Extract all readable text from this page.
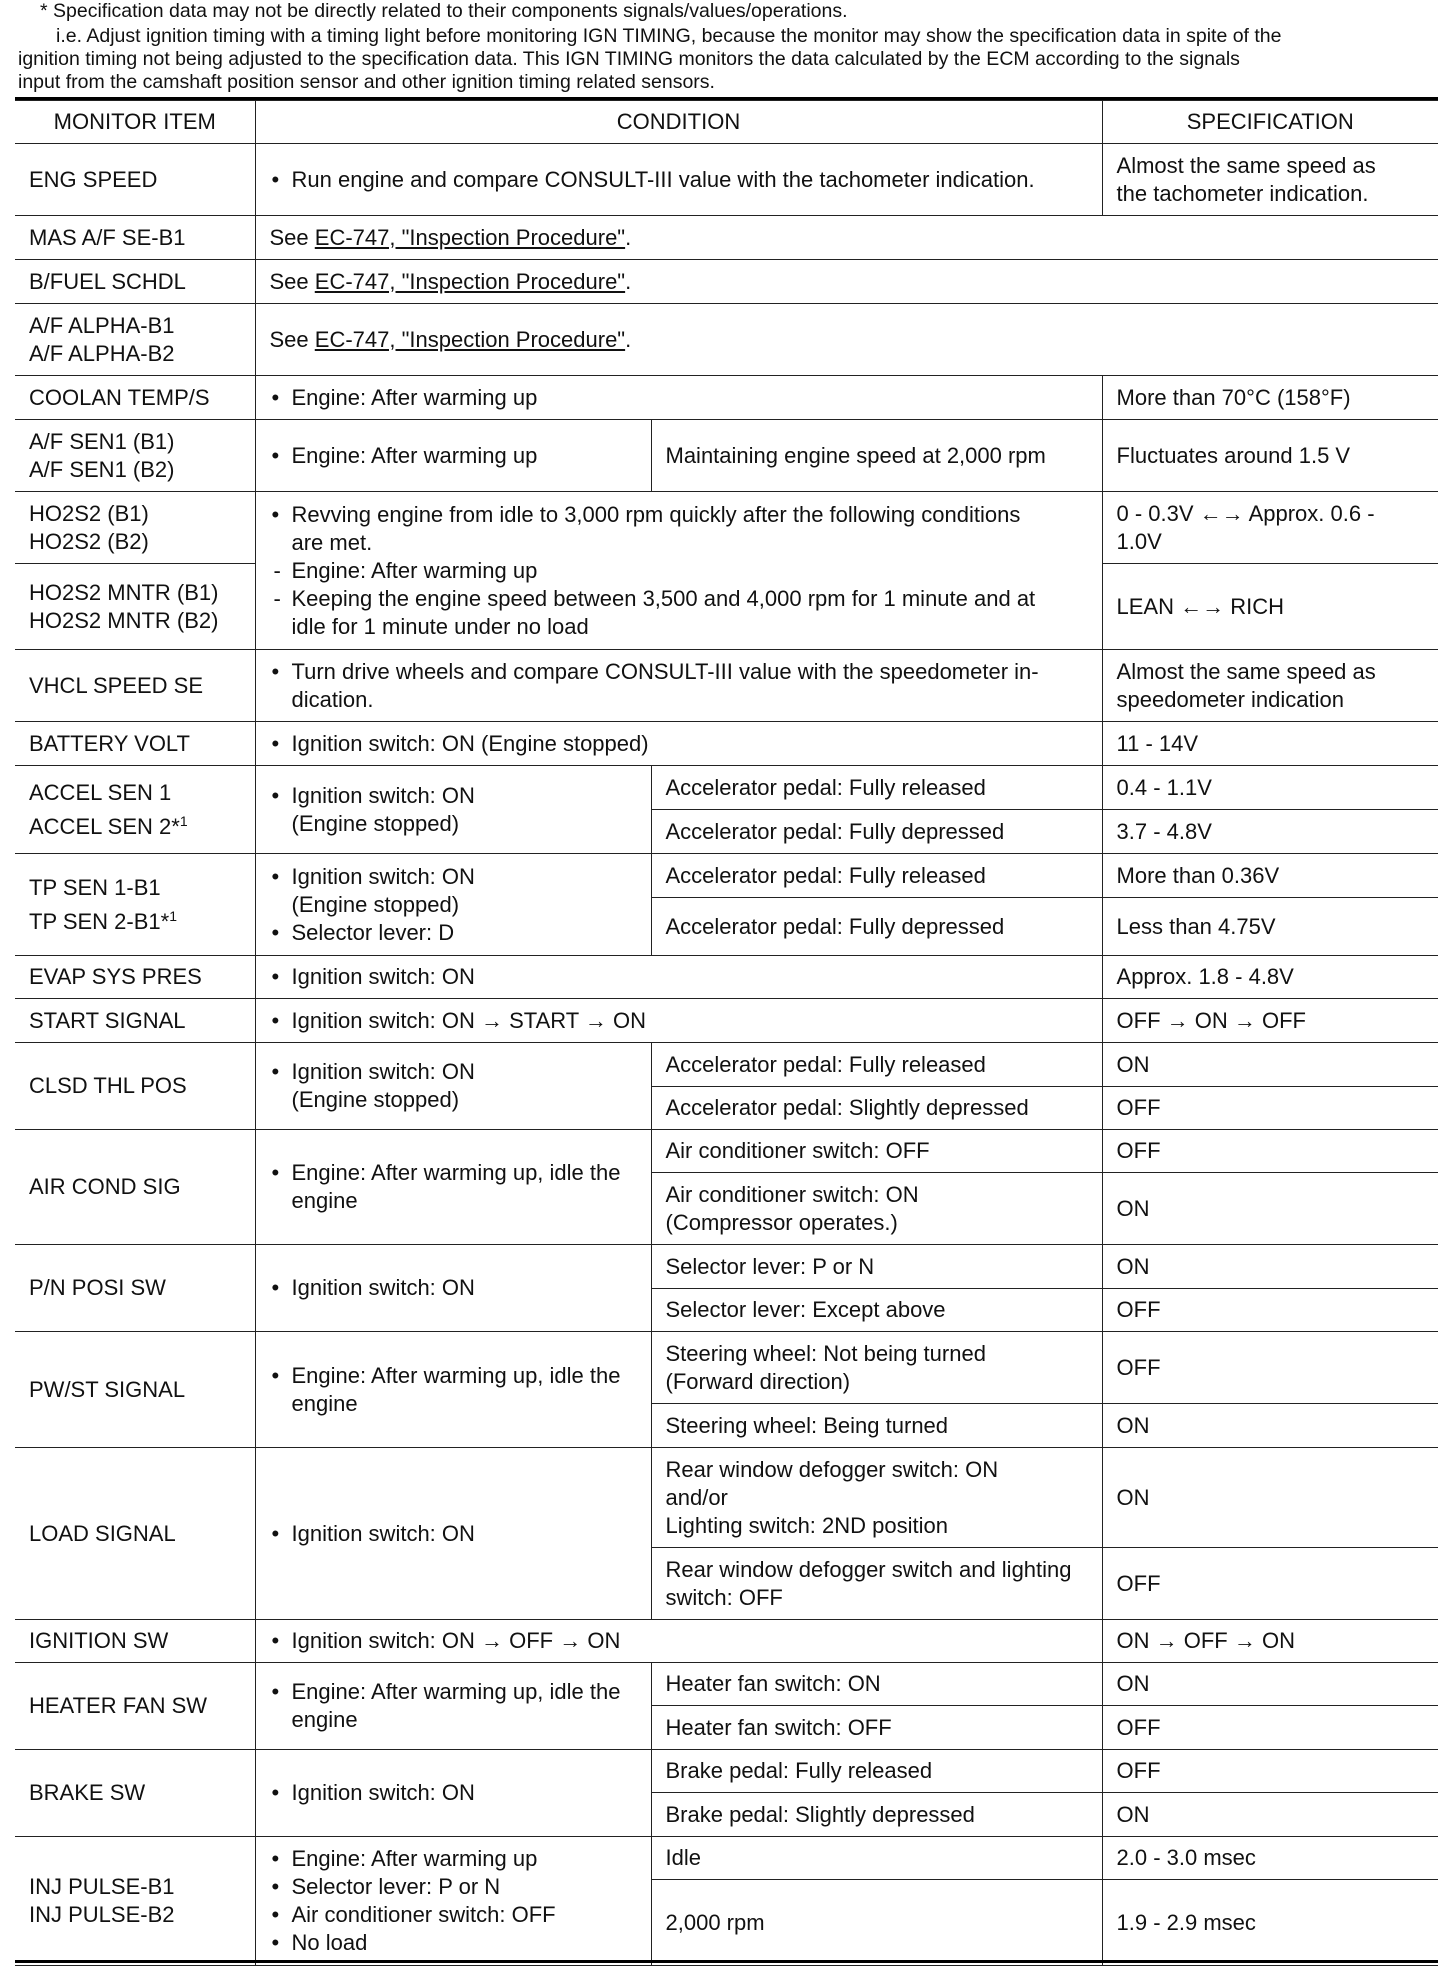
* Specification data may not be directly related to their components signals/values/operations.

i.e. Adjust ignition timing with a timing light before monitoring IGN TIMING, because the monitor may show the specification data in spite of the
ignition timing not being adjusted to the specification data. This IGN TIMING monitors the data calculated by the ECM according to the signals
input from the camshaft position sensor and other ignition timing related sensors.

MONITOR ITEM	CONDITION		SPECIFICATION
ENG SPEED	• Run engine and compare CONSULT-III value with the tachometer indication.		Almost the same speed as
the tachometer indication.

MAS A/F SE-B1	See EC-747, "Inspection Procedure".		
B/FUEL SCHDL	See EC-747, "Inspection Procedure".		

A/F ALPHA-B1
A/F ALPHA-B2	See EC-747, "Inspection Procedure".		
COOLAN TEMP/S	• Engine: After warming up		More than 70°C (158°F)

A/F SEN1 (B1)
A/F SEN1 (B2)	• Engine: After warming up	Maintaining engine speed at 2,000 rpm	Fluctuates around 1.5 V

HO2S2 (B1)
HO2S2 (B2)	• Revving engine from idle to 3,000 rpm quickly after the following conditions
are met.
- Engine: After warming up
- Keeping the engine speed between 3,500 and 4,000 rpm for 1 minute and at
idle for 1 minute under no load		0 - 0.3V ←→ Approx. 0.6 -
1.0V

HO2S2 MNTR (B1)
HO2S2 MNTR (B2)			LEAN ←→ RICH
VHCL SPEED SE	• Turn drive wheels and compare CONSULT-III value with the speedometer in-
dication.		Almost the same speed as
speedometer indication

BATTERY VOLT	• Ignition switch: ON (Engine stopped)		11 - 14V

ACCEL SEN 1
ACCEL SEN 2*$^1$	• Ignition switch: ON
(Engine stopped)	Accelerator pedal: Fully released	0.4 - 1.1V
		Accelerator pedal: Fully depressed	3.7 - 4.8V

TP SEN 1-B1
TP SEN 2-B1*$^1$	• Ignition switch: ON
(Engine stopped)
• Selector lever: D	Accelerator pedal: Fully released	More than 0.36V
		Accelerator pedal: Fully depressed	Less than 4.75V
EVAP SYS PRES	• Ignition switch: ON		Approx. 1.8 - 4.8V
START SIGNAL	• Ignition switch: ON → START → ON		OFF → ON → OFF
CLSD THL POS	• Ignition switch: ON
(Engine stopped)	Accelerator pedal: Fully released	ON
		Accelerator pedal: Slightly depressed	OFF
AIR COND SIG	• Engine: After warming up, idle the
engine	Air conditioner switch: OFF	OFF

		Air conditioner switch: ON
(Compressor operates.)	ON
P/N POSI SW	• Ignition switch: ON	Selector lever: P or N	ON
		Selector lever: Except above	OFF
PW/ST SIGNAL	• Engine: After warming up, idle the
engine	Steering wheel: Not being turned
(Forward direction)	OFF
		Steering wheel: Being turned	ON
LOAD SIGNAL	• Ignition switch: ON	Rear window defogger switch: ON
and/or
Lighting switch: 2ND position	ON

		Rear window defogger switch and lighting
switch: OFF	OFF
IGNITION SW	• Ignition switch: ON → OFF → ON		ON → OFF → ON
HEATER FAN SW	• Engine: After warming up, idle the
engine	Heater fan switch: ON	ON
		Heater fan switch: OFF	OFF
BRAKE SW	• Ignition switch: ON	Brake pedal: Fully released	OFF
		Brake pedal: Slightly depressed	ON

INJ PULSE-B1
INJ PULSE-B2	• Engine: After warming up
• Selector lever: P or N
• Air conditioner switch: OFF
• No load	Idle	2.0 - 3.0 msec
		2,000 rpm	1.9 - 2.9 msec
